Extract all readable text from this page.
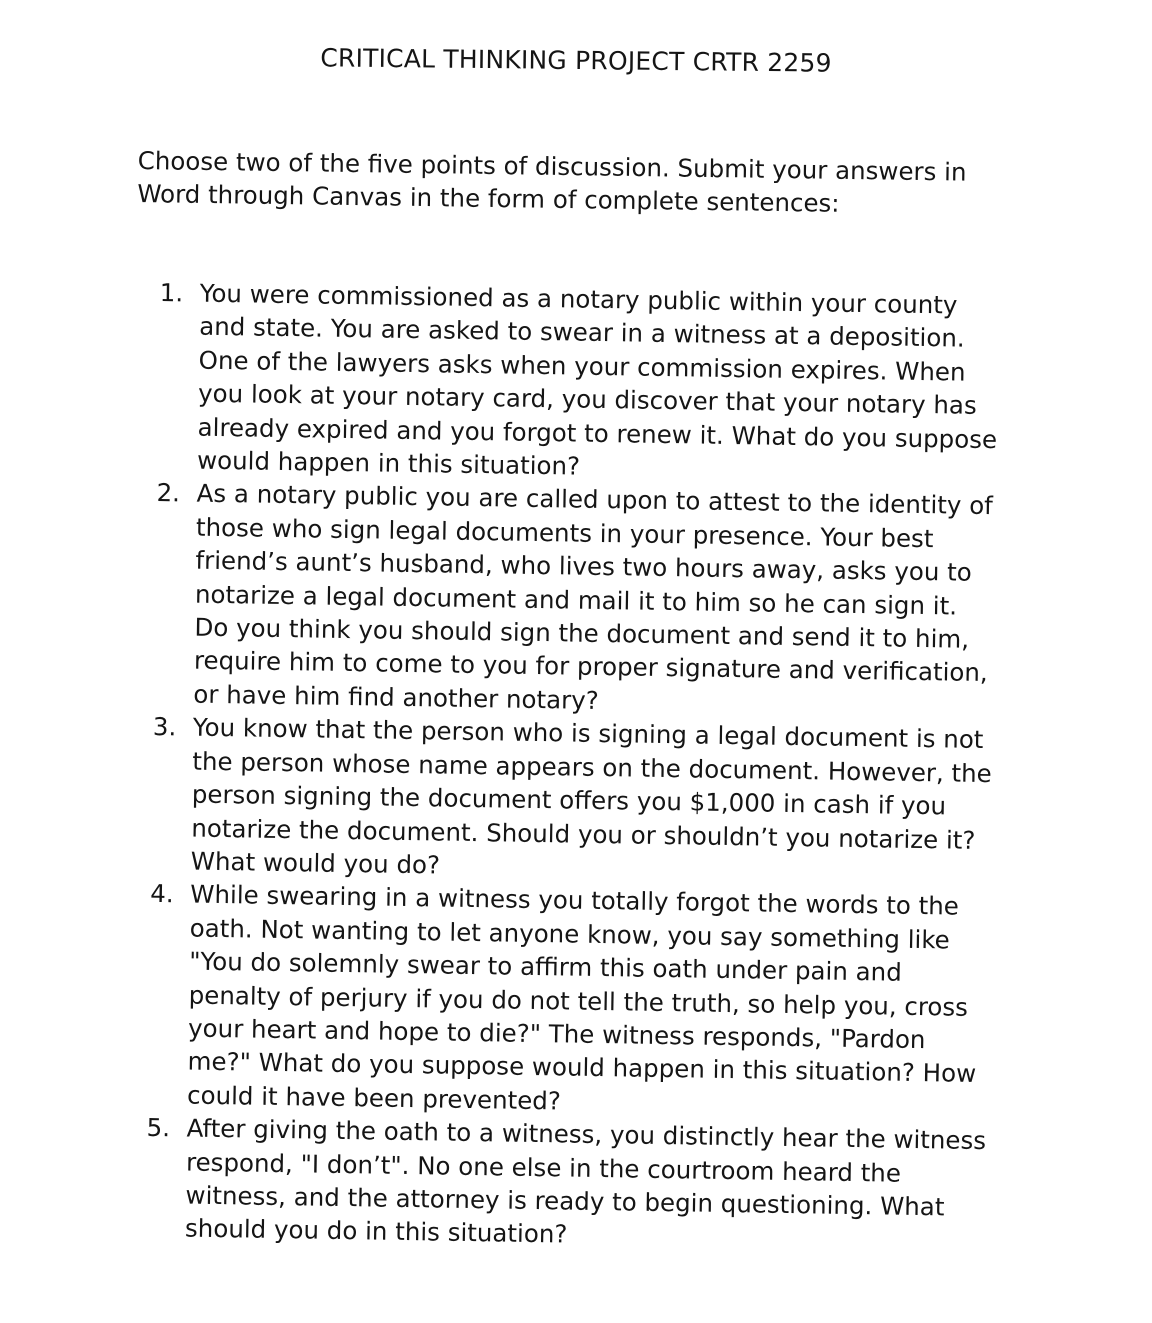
CRITICAL THINKING PROJECT CRTR 2259

Choose two of the five points of discussion. Submit your answers in Word through Canvas in the form of complete sentences:

1. You were commissioned as a notary public within your county and state. You are asked to swear in a witness at a deposition. One of the lawyers asks when your commission expires. When you look at your notary card, you discover that your notary has already expired and you forgot to renew it. What do you suppose would happen in this situation?
2. As a notary public you are called upon to attest to the identity of those who sign legal documents in your presence. Your best friend’s aunt’s husband, who lives two hours away, asks you to notarize a legal document and mail it to him so he can sign it. Do you think you should sign the document and send it to him, require him to come to you for proper signature and verification, or have him find another notary?
3. You know that the person who is signing a legal document is not the person whose name appears on the document. However, the person signing the document offers you $1,000 in cash if you notarize the document. Should you or shouldn’t you notarize it? What would you do?
4. While swearing in a witness you totally forgot the words to the oath. Not wanting to let anyone know, you say something like "You do solemnly swear to affirm this oath under pain and penalty of perjury if you do not tell the truth, so help you, cross your heart and hope to die?" The witness responds, "Pardon me?" What do you suppose would happen in this situation? How could it have been prevented?
5. After giving the oath to a witness, you distinctly hear the witness respond, "I don’t". No one else in the courtroom heard the witness, and the attorney is ready to begin questioning. What should you do in this situation?
